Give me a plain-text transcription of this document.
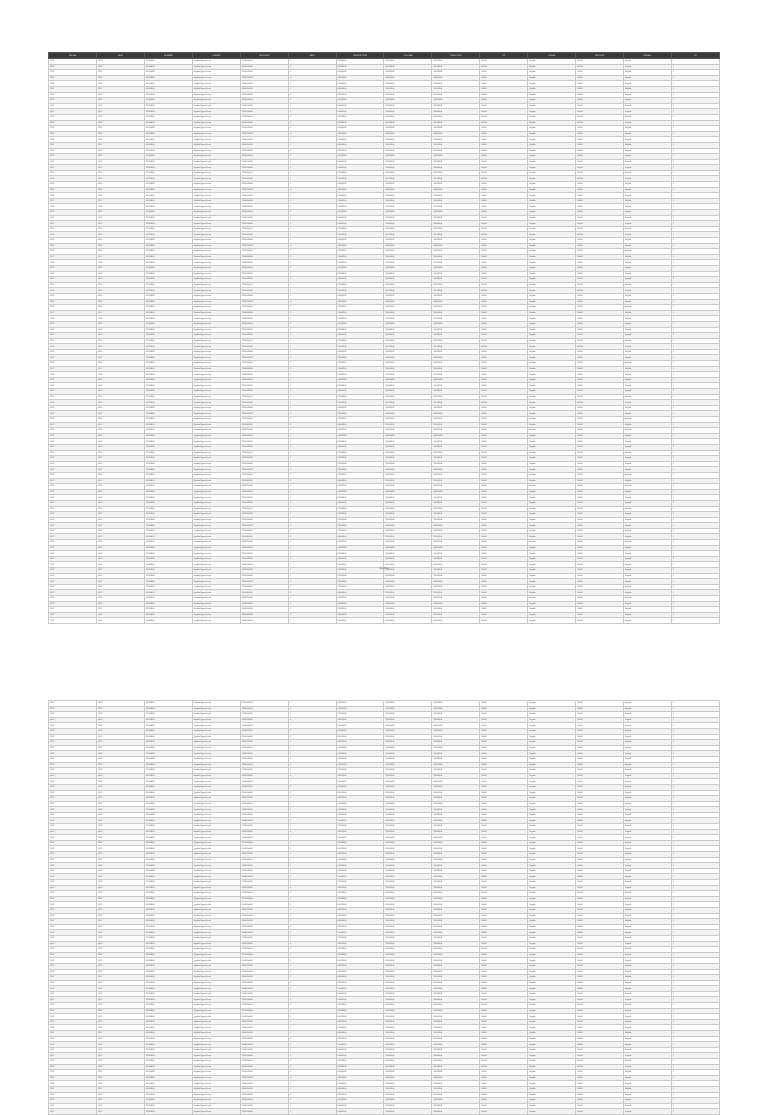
FECHA	NUM	NOMBRE	CORREO	TELEFONO	CANT	DESCRIPCION	COLONIA	DIRECCION	CP	CIUDAD	IMPORTE	ESTADO	ST
2022	1023	ILEGIBLE	ilegible@gmail.com	5500000000	1	ILEGIBLE	ILEGIBLE	ILEGIBLE	00000	Ilegible	00000	Ilegible	1
2022	1023	ILEGIBLE	ilegible@gmail.com	5500000000	1	ILEGIBLE	ILEGIBLE	ILEGIBLE	00000	Ilegible	00000	Ilegible	1
2022	1023	ILEGIBLE	ilegible@gmail.com	5500000000	1	ILEGIBLE	ILEGIBLE	ILEGIBLE	00000	Ilegible	00000	Ilegible	1
2022	1023	ILEGIBLE	ilegible@gmail.com	5500000000	1	ILEGIBLE	ILEGIBLE	ILEGIBLE	00000	Ilegible	00000	Ilegible	1
2022	1023	ILEGIBLE	ilegible@gmail.com	5500000000	1	ILEGIBLE	ILEGIBLE	ILEGIBLE	00000	Ilegible	00000	Ilegible	1
2022	1023	ILEGIBLE	ilegible@gmail.com	5500000000	1	ILEGIBLE	ILEGIBLE	ILEGIBLE	00000	Ilegible	00000	Ilegible	1
2022	1023	ILEGIBLE	ilegible@gmail.com	5500000000	1	ILEGIBLE	ILEGIBLE	ILEGIBLE	00000	Ilegible	00000	Ilegible	1
2022	1023	ILEGIBLE	ilegible@gmail.com	5500000000	1	ILEGIBLE	ILEGIBLE	ILEGIBLE	00000	Ilegible	00000	Ilegible	1
2022	1023	ILEGIBLE	ilegible@gmail.com	5500000000	1	ILEGIBLE	ILEGIBLE	ILEGIBLE	00000	Ilegible	00000	Ilegible	1
2022	1023	ILEGIBLE	ilegible@gmail.com	5500000000	1	ILEGIBLE	ILEGIBLE	ILEGIBLE	00000	Ilegible	00000	Ilegible	1
2022	1023	ILEGIBLE	ilegible@gmail.com	5500000000	1	ILEGIBLE	ILEGIBLE	ILEGIBLE	00000	Ilegible	00000	Ilegible	1
2022	1023	ILEGIBLE	ilegible@gmail.com	5500000000	1	ILEGIBLE	ILEGIBLE	ILEGIBLE	00000	Ilegible	00000	Ilegible	1
2022	1023	ILEGIBLE	ilegible@gmail.com	5500000000	1	ILEGIBLE	ILEGIBLE	ILEGIBLE	00000	Ilegible	00000	Ilegible	1
2022	1023	ILEGIBLE	ilegible@gmail.com	5500000000	1	ILEGIBLE	ILEGIBLE	ILEGIBLE	00000	Ilegible	00000	Ilegible	1
2022	1023	ILEGIBLE	ilegible@gmail.com	5500000000	1	ILEGIBLE	ILEGIBLE	ILEGIBLE	00000	Ilegible	00000	Ilegible	1
2022	1023	ILEGIBLE	ilegible@gmail.com	5500000000	1	ILEGIBLE	ILEGIBLE	ILEGIBLE	00000	Ilegible	00000	Ilegible	1
2022	1023	ILEGIBLE	ilegible@gmail.com	5500000000	1	ILEGIBLE	ILEGIBLE	ILEGIBLE	00000	Ilegible	00000	Ilegible	1
2022	1023	ILEGIBLE	ilegible@gmail.com	5500000000	1	ILEGIBLE	ILEGIBLE	ILEGIBLE	00000	Ilegible	00000	Ilegible	1
2022	1023	ILEGIBLE	ilegible@gmail.com	5500000000	1	ILEGIBLE	ILEGIBLE	ILEGIBLE	00000	Ilegible	00000	Ilegible	1
2022	1023	ILEGIBLE	ilegible@gmail.com	5500000000	1	ILEGIBLE	ILEGIBLE	ILEGIBLE	00000	Ilegible	00000	Ilegible	1
2022	1023	ILEGIBLE	ilegible@gmail.com	5500000000	1	ILEGIBLE	ILEGIBLE	ILEGIBLE	00000	Ilegible	00000	Ilegible	1
2022	1023	ILEGIBLE	ilegible@gmail.com	5500000000	1	ILEGIBLE	ILEGIBLE	ILEGIBLE	00000	Ilegible	00000	Ilegible	1
2022	1023	ILEGIBLE	ilegible@gmail.com	5500000000	1	ILEGIBLE	ILEGIBLE	ILEGIBLE	00000	Ilegible	00000	Ilegible	1
2022	1023	ILEGIBLE	ilegible@gmail.com	5500000000	1	ILEGIBLE	ILEGIBLE	ILEGIBLE	00000	Ilegible	00000	Ilegible	1
2022	1023	ILEGIBLE	ilegible@gmail.com	5500000000	1	ILEGIBLE	ILEGIBLE	ILEGIBLE	00000	Ilegible	00000	Ilegible	1
2022	1023	ILEGIBLE	ilegible@gmail.com	5500000000	1	ILEGIBLE	ILEGIBLE	ILEGIBLE	00000	Ilegible	00000	Ilegible	1
2022	1023	ILEGIBLE	ilegible@gmail.com	5500000000	1	ILEGIBLE	ILEGIBLE	ILEGIBLE	00000	Ilegible	00000	Ilegible	1
2022	1023	ILEGIBLE	ilegible@gmail.com	5500000000	1	ILEGIBLE	ILEGIBLE	ILEGIBLE	00000	Ilegible	00000	Ilegible	1
2022	1023	ILEGIBLE	ilegible@gmail.com	5500000000	1	ILEGIBLE	ILEGIBLE	ILEGIBLE	00000	Ilegible	00000	Ilegible	1
2022	1023	ILEGIBLE	ilegible@gmail.com	5500000000	1	ILEGIBLE	ILEGIBLE	ILEGIBLE	00000	Ilegible	00000	Ilegible	1
2022	1023	ILEGIBLE	ilegible@gmail.com	5500000000	1	ILEGIBLE	ILEGIBLE	ILEGIBLE	00000	Ilegible	00000	Ilegible	1
2022	1023	ILEGIBLE	ilegible@gmail.com	5500000000	1	ILEGIBLE	ILEGIBLE	ILEGIBLE	00000	Ilegible	00000	Ilegible	1
2022	1023	ILEGIBLE	ilegible@gmail.com	5500000000	1	ILEGIBLE	ILEGIBLE	ILEGIBLE	00000	Ilegible	00000	Ilegible	1
2022	1023	ILEGIBLE	ilegible@gmail.com	5500000000	1	ILEGIBLE	ILEGIBLE	ILEGIBLE	00000	Ilegible	00000	Ilegible	1
2022	1023	ILEGIBLE	ilegible@gmail.com	5500000000	1	ILEGIBLE	ILEGIBLE	ILEGIBLE	00000	Ilegible	00000	Ilegible	1
2022	1023	ILEGIBLE	ilegible@gmail.com	5500000000	1	ILEGIBLE	ILEGIBLE	ILEGIBLE	00000	Ilegible	00000	Ilegible	1
2022	1023	ILEGIBLE	ilegible@gmail.com	5500000000	1	ILEGIBLE	ILEGIBLE	ILEGIBLE	00000	Ilegible	00000	Ilegible	1
2022	1023	ILEGIBLE	ilegible@gmail.com	5500000000	1	ILEGIBLE	ILEGIBLE	ILEGIBLE	00000	Ilegible	00000	Ilegible	1
2022	1023	ILEGIBLE	ilegible@gmail.com	5500000000	1	ILEGIBLE	ILEGIBLE	ILEGIBLE	00000	Ilegible	00000	Ilegible	1
2022	1023	ILEGIBLE	ilegible@gmail.com	5500000000	1	ILEGIBLE	ILEGIBLE	ILEGIBLE	00000	Ilegible	00000	Ilegible	1
2022	1023	ILEGIBLE	ilegible@gmail.com	5500000000	1	ILEGIBLE	ILEGIBLE	ILEGIBLE	00000	Ilegible	00000	Ilegible	1
2022	1023	ILEGIBLE	ilegible@gmail.com	5500000000	1	ILEGIBLE	ILEGIBLE	ILEGIBLE	00000	Ilegible	00000	Ilegible	1
2022	1023	ILEGIBLE	ilegible@gmail.com	5500000000	1	ILEGIBLE	ILEGIBLE	ILEGIBLE	00000	Ilegible	00000	Ilegible	1
2022	1023	ILEGIBLE	ilegible@gmail.com	5500000000	1	ILEGIBLE	ILEGIBLE	ILEGIBLE	00000	Ilegible	00000	Ilegible	1
2022	1023	ILEGIBLE	ilegible@gmail.com	5500000000	1	ILEGIBLE	ILEGIBLE	ILEGIBLE	00000	Ilegible	00000	Ilegible	1
2022	1023	ILEGIBLE	ilegible@gmail.com	5500000000	1	ILEGIBLE	ILEGIBLE	ILEGIBLE	00000	Ilegible	00000	Ilegible	1
2022	1023	ILEGIBLE	ilegible@gmail.com	5500000000	1	ILEGIBLE	ILEGIBLE	ILEGIBLE	00000	Ilegible	00000	Ilegible	1
2022	1023	ILEGIBLE	ilegible@gmail.com	5500000000	1	ILEGIBLE	ILEGIBLE	ILEGIBLE	00000	Ilegible	00000	Ilegible	1
2022	1023	ILEGIBLE	ilegible@gmail.com	5500000000	1	ILEGIBLE	ILEGIBLE	ILEGIBLE	00000	Ilegible	00000	Ilegible	1
2022	1023	ILEGIBLE	ilegible@gmail.com	5500000000	1	ILEGIBLE	ILEGIBLE	ILEGIBLE	00000	Ilegible	00000	Ilegible	1
2022	1023	ILEGIBLE	ilegible@gmail.com	5500000000	1	ILEGIBLE	ILEGIBLE	ILEGIBLE	00000	Ilegible	00000	Ilegible	1
2022	1023	ILEGIBLE	ilegible@gmail.com	5500000000	1	ILEGIBLE	ILEGIBLE	ILEGIBLE	00000	Ilegible	00000	Ilegible	1
2022	1023	ILEGIBLE	ilegible@gmail.com	5500000000	1	ILEGIBLE	ILEGIBLE	ILEGIBLE	00000	Ilegible	00000	Ilegible	1
2022	1023	ILEGIBLE	ilegible@gmail.com	5500000000	1	ILEGIBLE	ILEGIBLE	ILEGIBLE	00000	Ilegible	00000	Ilegible	1
2022	1023	ILEGIBLE	ilegible@gmail.com	5500000000	1	ILEGIBLE	ILEGIBLE	ILEGIBLE	00000	Ilegible	00000	Ilegible	1
2022	1023	ILEGIBLE	ilegible@gmail.com	5500000000	1	ILEGIBLE	ILEGIBLE	ILEGIBLE	00000	Ilegible	00000	Ilegible	1
2022	1023	ILEGIBLE	ilegible@gmail.com	5500000000	1	ILEGIBLE	ILEGIBLE	ILEGIBLE	00000	Ilegible	00000	Ilegible	1
2022	1023	ILEGIBLE	ilegible@gmail.com	5500000000	1	ILEGIBLE	ILEGIBLE	ILEGIBLE	00000	Ilegible	00000	Ilegible	1
2022	1023	ILEGIBLE	ilegible@gmail.com	5500000000	1	ILEGIBLE	ILEGIBLE	ILEGIBLE	00000	Ilegible	00000	Ilegible	1
2022	1023	ILEGIBLE	ilegible@gmail.com	5500000000	1	ILEGIBLE	ILEGIBLE	ILEGIBLE	00000	Ilegible	00000	Ilegible	1
2022	1023	ILEGIBLE	ilegible@gmail.com	5500000000	1	ILEGIBLE	ILEGIBLE	ILEGIBLE	00000	Ilegible	00000	Ilegible	1
2022	1023	ILEGIBLE	ilegible@gmail.com	5500000000	1	ILEGIBLE	ILEGIBLE	ILEGIBLE	00000	Ilegible	00000	Ilegible	1
2022	1023	ILEGIBLE	ilegible@gmail.com	5500000000	1	ILEGIBLE	ILEGIBLE	ILEGIBLE	00000	Ilegible	00000	Ilegible	1
2022	1023	ILEGIBLE	ilegible@gmail.com	5500000000	1	ILEGIBLE	ILEGIBLE	ILEGIBLE	00000	Ilegible	00000	Ilegible	1
2022	1023	ILEGIBLE	ilegible@gmail.com	5500000000	1	ILEGIBLE	ILEGIBLE	ILEGIBLE	00000	Ilegible	00000	Ilegible	1
2022	1023	ILEGIBLE	ilegible@gmail.com	5500000000	1	ILEGIBLE	ILEGIBLE	ILEGIBLE	00000	Ilegible	00000	Ilegible	1
2022	1023	ILEGIBLE	ilegible@gmail.com	5500000000	1	ILEGIBLE	ILEGIBLE	ILEGIBLE	00000	Ilegible	00000	Ilegible	1
2022	1023	ILEGIBLE	ilegible@gmail.com	5500000000	1	ILEGIBLE	ILEGIBLE	ILEGIBLE	00000	Ilegible	00000	Ilegible	1
2022	1023	ILEGIBLE	ilegible@gmail.com	5500000000	1	ILEGIBLE	ILEGIBLE	ILEGIBLE	00000	Ilegible	00000	Ilegible	1
2022	1023	ILEGIBLE	ilegible@gmail.com	5500000000	1	ILEGIBLE	ILEGIBLE	ILEGIBLE	00000	Ilegible	00000	Ilegible	1
2022	1023	ILEGIBLE	ilegible@gmail.com	5500000000	1	ILEGIBLE	ILEGIBLE	ILEGIBLE	00000	Ilegible	00000	Ilegible	1
2022	1023	ILEGIBLE	ilegible@gmail.com	5500000000	1	ILEGIBLE	ILEGIBLE	ILEGIBLE	00000	Ilegible	00000	Ilegible	1
2022	1023	ILEGIBLE	ilegible@gmail.com	5500000000	1	ILEGIBLE	ILEGIBLE	ILEGIBLE	00000	Ilegible	00000	Ilegible	1
2022	1023	ILEGIBLE	ilegible@gmail.com	5500000000	1	ILEGIBLE	ILEGIBLE	ILEGIBLE	00000	Ilegible	00000	Ilegible	1
2022	1023	ILEGIBLE	ilegible@gmail.com	5500000000	1	ILEGIBLE	ILEGIBLE	ILEGIBLE	00000	Ilegible	00000	Ilegible	1
2022	1023	ILEGIBLE	ilegible@gmail.com	5500000000	1	ILEGIBLE	ILEGIBLE	ILEGIBLE	00000	Ilegible	00000	Ilegible	1
2022	1023	ILEGIBLE	ilegible@gmail.com	5500000000	1	ILEGIBLE	ILEGIBLE	ILEGIBLE	00000	Ilegible	00000	Ilegible	1
2022	1023	ILEGIBLE	ilegible@gmail.com	5500000000	1	ILEGIBLE	ILEGIBLE	ILEGIBLE	00000	Ilegible	00000	Ilegible	1
2022	1023	ILEGIBLE	ilegible@gmail.com	5500000000	1	ILEGIBLE	ILEGIBLE	ILEGIBLE	00000	Ilegible	00000	Ilegible	1
2022	1023	ILEGIBLE	ilegible@gmail.com	5500000000	1	ILEGIBLE	ILEGIBLE	ILEGIBLE	00000	Ilegible	00000	Ilegible	1
2022	1023	ILEGIBLE	ilegible@gmail.com	5500000000	1	ILEGIBLE	ILEGIBLE	ILEGIBLE	00000	Ilegible	00000	Ilegible	1
2022	1023	ILEGIBLE	ilegible@gmail.com	5500000000	1	ILEGIBLE	ILEGIBLE	ILEGIBLE	00000	Ilegible	00000	Ilegible	1
2022	1023	ILEGIBLE	ilegible@gmail.com	5500000000	1	ILEGIBLE	ILEGIBLE	ILEGIBLE	00000	Ilegible	00000	Ilegible	1
2022	1023	ILEGIBLE	ilegible@gmail.com	5500000000	1	ILEGIBLE	ILEGIBLE	ILEGIBLE	00000	Ilegible	00000	Ilegible	1
2022	1023	ILEGIBLE	ilegible@gmail.com	5500000000	1	ILEGIBLE	ILEGIBLE	ILEGIBLE	00000	Ilegible	00000	Ilegible	1
2022	1023	ILEGIBLE	ilegible@gmail.com	5500000000	1	ILEGIBLE	ILEGIBLE	ILEGIBLE	00000	Ilegible	00000	Ilegible	1
2022	1023	ILEGIBLE	ilegible@gmail.com	5500000000	1	ILEGIBLE	ILEGIBLE	ILEGIBLE	00000	Ilegible	00000	Ilegible	1
2022	1023	ILEGIBLE	ilegible@gmail.com	5500000000	1	ILEGIBLE	ILEGIBLE	ILEGIBLE	00000	Ilegible	00000	Ilegible	1
2022	1023	ILEGIBLE	ilegible@gmail.com	5500000000	1	ILEGIBLE	ILEGIBLE	ILEGIBLE	00000	Ilegible	00000	Ilegible	1
2022	1023	ILEGIBLE	ilegible@gmail.com	5500000000	1	ILEGIBLE	ILEGIBLE	ILEGIBLE	00000	Ilegible	00000	Ilegible	1
2022	1023	ILEGIBLE	ilegible@gmail.com	5500000000	1	ILEGIBLE	ILEGIBLE	ILEGIBLE	00000	Ilegible	00000	Ilegible	1
2022	1023	ILEGIBLE	ilegible@gmail.com	5500000000	1	ILEGIBLE	ILEGIBLE	ILEGIBLE	00000	Ilegible	00000	Ilegible	1
2022	1023	ILEGIBLE	ilegible@gmail.com	5500000000	1	ILEGIBLE	ILEGIBLE	ILEGIBLE	00000	Ilegible	00000	Ilegible	1
2022	1023	ILEGIBLE	ilegible@gmail.com	5500000000	1	ILEGIBLE	ILEGIBLE	ILEGIBLE	00000	Ilegible	00000	Ilegible	1
2022	1023	ILEGIBLE	ilegible@gmail.com	5500000000	1	ILEGIBLE	ILEGIBLE	ILEGIBLE	00000	Ilegible	00000	Ilegible	1
2022	1023	ILEGIBLE	ilegible@gmail.com	5500000000	1	ILEGIBLE	ILEGIBLE	ILEGIBLE	00000	Ilegible	00000	Ilegible	1
2022	1023	ILEGIBLE	ilegible@gmail.com	5500000000	1	ILEGIBLE	ILEGIBLE	ILEGIBLE	00000	Ilegible	00000	Ilegible	1
2022	1023	ILEGIBLE	ilegible@gmail.com	5500000000	1	ILEGIBLE	ILEGIBLE	ILEGIBLE	00000	Ilegible	00000	Ilegible	1
2022	1023	ILEGIBLE	ilegible@gmail.com	5500000000	1	ILEGIBLE	ILEGIBLE	ILEGIBLE	00000	Ilegible	00000	Ilegible	1
2022	1023	ILEGIBLE	ilegible@gmail.com	5500000000	1	ILEGIBLE	ILEGIBLE	ILEGIBLE	00000	Ilegible	00000	Ilegible	1
2022	1023	ILEGIBLE	ilegible@gmail.com	5500000000	1	ILEGIBLE	ILEGIBLE	ILEGIBLE	00000	Ilegible	00000	Ilegible	1
ilegible
2022	1023	ILEGIBLE	ilegible@gmail.com	5500000000	1	ILEGIBLE	ILEGIBLE	ILEGIBLE	00000	Ilegible	00000	Ilegible	1
2022	1023	ILEGIBLE	ilegible@gmail.com	5500000000	1	ILEGIBLE	ILEGIBLE	ILEGIBLE	00000	Ilegible	00000	Ilegible	1
2022	1023	ILEGIBLE	ilegible@gmail.com	5500000000	1	ILEGIBLE	ILEGIBLE	ILEGIBLE	00000	Ilegible	00000	Ilegible	1
2022	1023	ILEGIBLE	ilegible@gmail.com	5500000000	1	ILEGIBLE	ILEGIBLE	ILEGIBLE	00000	Ilegible	00000	Ilegible	1
2022	1023	ILEGIBLE	ilegible@gmail.com	5500000000	1	ILEGIBLE	ILEGIBLE	ILEGIBLE	00000	Ilegible	00000	Ilegible	1
2022	1023	ILEGIBLE	ilegible@gmail.com	5500000000	1	ILEGIBLE	ILEGIBLE	ILEGIBLE	00000	Ilegible	00000	Ilegible	1
2022	1023	ILEGIBLE	ilegible@gmail.com	5500000000	1	ILEGIBLE	ILEGIBLE	ILEGIBLE	00000	Ilegible	00000	Ilegible	1
2022	1023	ILEGIBLE	ilegible@gmail.com	5500000000	1	ILEGIBLE	ILEGIBLE	ILEGIBLE	00000	Ilegible	00000	Ilegible	1
2022	1023	ILEGIBLE	ilegible@gmail.com	5500000000	1	ILEGIBLE	ILEGIBLE	ILEGIBLE	00000	Ilegible	00000	Ilegible	1
2022	1023	ILEGIBLE	ilegible@gmail.com	5500000000	1	ILEGIBLE	ILEGIBLE	ILEGIBLE	00000	Ilegible	00000	Ilegible	1
2022	1023	ILEGIBLE	ilegible@gmail.com	5500000000	1	ILEGIBLE	ILEGIBLE	ILEGIBLE	00000	Ilegible	00000	Ilegible	1
2022	1023	ILEGIBLE	ilegible@gmail.com	5500000000	1	ILEGIBLE	ILEGIBLE	ILEGIBLE	00000	Ilegible	00000	Ilegible	1
2022	1023	ILEGIBLE	ilegible@gmail.com	5500000000	1	ILEGIBLE	ILEGIBLE	ILEGIBLE	00000	Ilegible	00000	Ilegible	1
2022	1023	ILEGIBLE	ilegible@gmail.com	5500000000	1	ILEGIBLE	ILEGIBLE	ILEGIBLE	00000	Ilegible	00000	Ilegible	1
2022	1023	ILEGIBLE	ilegible@gmail.com	5500000000	1	ILEGIBLE	ILEGIBLE	ILEGIBLE	00000	Ilegible	00000	Ilegible	1
2022	1023	ILEGIBLE	ilegible@gmail.com	5500000000	1	ILEGIBLE	ILEGIBLE	ILEGIBLE	00000	Ilegible	00000	Ilegible	1
2022	1023	ILEGIBLE	ilegible@gmail.com	5500000000	1	ILEGIBLE	ILEGIBLE	ILEGIBLE	00000	Ilegible	00000	Ilegible	1
2022	1023	ILEGIBLE	ilegible@gmail.com	5500000000	1	ILEGIBLE	ILEGIBLE	ILEGIBLE	00000	Ilegible	00000	Ilegible	1
2022	1023	ILEGIBLE	ilegible@gmail.com	5500000000	1	ILEGIBLE	ILEGIBLE	ILEGIBLE	00000	Ilegible	00000	Ilegible	1
2022	1023	ILEGIBLE	ilegible@gmail.com	5500000000	1	ILEGIBLE	ILEGIBLE	ILEGIBLE	00000	Ilegible	00000	Ilegible	1
2022	1023	ILEGIBLE	ilegible@gmail.com	5500000000	1	ILEGIBLE	ILEGIBLE	ILEGIBLE	00000	Ilegible	00000	Ilegible	1
2022	1023	ILEGIBLE	ilegible@gmail.com	5500000000	1	ILEGIBLE	ILEGIBLE	ILEGIBLE	00000	Ilegible	00000	Ilegible	1
2022	1023	ILEGIBLE	ilegible@gmail.com	5500000000	1	ILEGIBLE	ILEGIBLE	ILEGIBLE	00000	Ilegible	00000	Ilegible	1
2022	1023	ILEGIBLE	ilegible@gmail.com	5500000000	1	ILEGIBLE	ILEGIBLE	ILEGIBLE	00000	Ilegible	00000	Ilegible	1
2022	1023	ILEGIBLE	ilegible@gmail.com	5500000000	1	ILEGIBLE	ILEGIBLE	ILEGIBLE	00000	Ilegible	00000	Ilegible	1
2022	1023	ILEGIBLE	ilegible@gmail.com	5500000000	1	ILEGIBLE	ILEGIBLE	ILEGIBLE	00000	Ilegible	00000	Ilegible	1
2022	1023	ILEGIBLE	ilegible@gmail.com	5500000000	1	ILEGIBLE	ILEGIBLE	ILEGIBLE	00000	Ilegible	00000	Ilegible	1
2022	1023	ILEGIBLE	ilegible@gmail.com	5500000000	1	ILEGIBLE	ILEGIBLE	ILEGIBLE	00000	Ilegible	00000	Ilegible	1
2022	1023	ILEGIBLE	ilegible@gmail.com	5500000000	1	ILEGIBLE	ILEGIBLE	ILEGIBLE	00000	Ilegible	00000	Ilegible	1
2022	1023	ILEGIBLE	ilegible@gmail.com	5500000000	1	ILEGIBLE	ILEGIBLE	ILEGIBLE	00000	Ilegible	00000	Ilegible	1
2022	1023	ILEGIBLE	ilegible@gmail.com	5500000000	1	ILEGIBLE	ILEGIBLE	ILEGIBLE	00000	Ilegible	00000	Ilegible	1
2022	1023	ILEGIBLE	ilegible@gmail.com	5500000000	1	ILEGIBLE	ILEGIBLE	ILEGIBLE	00000	Ilegible	00000	Ilegible	1
2022	1023	ILEGIBLE	ilegible@gmail.com	5500000000	1	ILEGIBLE	ILEGIBLE	ILEGIBLE	00000	Ilegible	00000	Ilegible	1
2022	1023	ILEGIBLE	ilegible@gmail.com	5500000000	1	ILEGIBLE	ILEGIBLE	ILEGIBLE	00000	Ilegible	00000	Ilegible	1
2022	1023	ILEGIBLE	ilegible@gmail.com	5500000000	1	ILEGIBLE	ILEGIBLE	ILEGIBLE	00000	Ilegible	00000	Ilegible	1
2022	1023	ILEGIBLE	ilegible@gmail.com	5500000000	1	ILEGIBLE	ILEGIBLE	ILEGIBLE	00000	Ilegible	00000	Ilegible	1
2022	1023	ILEGIBLE	ilegible@gmail.com	5500000000	1	ILEGIBLE	ILEGIBLE	ILEGIBLE	00000	Ilegible	00000	Ilegible	1
2022	1023	ILEGIBLE	ilegible@gmail.com	5500000000	1	ILEGIBLE	ILEGIBLE	ILEGIBLE	00000	Ilegible	00000	Ilegible	1
2022	1023	ILEGIBLE	ilegible@gmail.com	5500000000	1	ILEGIBLE	ILEGIBLE	ILEGIBLE	00000	Ilegible	00000	Ilegible	1
2022	1023	ILEGIBLE	ilegible@gmail.com	5500000000	1	ILEGIBLE	ILEGIBLE	ILEGIBLE	00000	Ilegible	00000	Ilegible	1
2022	1023	ILEGIBLE	ilegible@gmail.com	5500000000	1	ILEGIBLE	ILEGIBLE	ILEGIBLE	00000	Ilegible	00000	Ilegible	1
2022	1023	ILEGIBLE	ilegible@gmail.com	5500000000	1	ILEGIBLE	ILEGIBLE	ILEGIBLE	00000	Ilegible	00000	Ilegible	1
2022	1023	ILEGIBLE	ilegible@gmail.com	5500000000	1	ILEGIBLE	ILEGIBLE	ILEGIBLE	00000	Ilegible	00000	Ilegible	1
2022	1023	ILEGIBLE	ilegible@gmail.com	5500000000	1	ILEGIBLE	ILEGIBLE	ILEGIBLE	00000	Ilegible	00000	Ilegible	1
2022	1023	ILEGIBLE	ilegible@gmail.com	5500000000	1	ILEGIBLE	ILEGIBLE	ILEGIBLE	00000	Ilegible	00000	Ilegible	1
2022	1023	ILEGIBLE	ilegible@gmail.com	5500000000	1	ILEGIBLE	ILEGIBLE	ILEGIBLE	00000	Ilegible	00000	Ilegible	1
2022	1023	ILEGIBLE	ilegible@gmail.com	5500000000	1	ILEGIBLE	ILEGIBLE	ILEGIBLE	00000	Ilegible	00000	Ilegible	1
2022	1023	ILEGIBLE	ilegible@gmail.com	5500000000	1	ILEGIBLE	ILEGIBLE	ILEGIBLE	00000	Ilegible	00000	Ilegible	1
2022	1023	ILEGIBLE	ilegible@gmail.com	5500000000	1	ILEGIBLE	ILEGIBLE	ILEGIBLE	00000	Ilegible	00000	Ilegible	1
2022	1023	ILEGIBLE	ilegible@gmail.com	5500000000	1	ILEGIBLE	ILEGIBLE	ILEGIBLE	00000	Ilegible	00000	Ilegible	1
2022	1023	ILEGIBLE	ilegible@gmail.com	5500000000	1	ILEGIBLE	ILEGIBLE	ILEGIBLE	00000	Ilegible	00000	Ilegible	1
2022	1023	ILEGIBLE	ilegible@gmail.com	5500000000	1	ILEGIBLE	ILEGIBLE	ILEGIBLE	00000	Ilegible	00000	Ilegible	1
2022	1023	ILEGIBLE	ilegible@gmail.com	5500000000	1	ILEGIBLE	ILEGIBLE	ILEGIBLE	00000	Ilegible	00000	Ilegible	1
2022	1023	ILEGIBLE	ilegible@gmail.com	5500000000	1	ILEGIBLE	ILEGIBLE	ILEGIBLE	00000	Ilegible	00000	Ilegible	1
2022	1023	ILEGIBLE	ilegible@gmail.com	5500000000	1	ILEGIBLE	ILEGIBLE	ILEGIBLE	00000	Ilegible	00000	Ilegible	1
2022	1023	ILEGIBLE	ilegible@gmail.com	5500000000	1	ILEGIBLE	ILEGIBLE	ILEGIBLE	00000	Ilegible	00000	Ilegible	1
2022	1023	ILEGIBLE	ilegible@gmail.com	5500000000	1	ILEGIBLE	ILEGIBLE	ILEGIBLE	00000	Ilegible	00000	Ilegible	1
2022	1023	ILEGIBLE	ilegible@gmail.com	5500000000	1	ILEGIBLE	ILEGIBLE	ILEGIBLE	00000	Ilegible	00000	Ilegible	1
2022	1023	ILEGIBLE	ilegible@gmail.com	5500000000	1	ILEGIBLE	ILEGIBLE	ILEGIBLE	00000	Ilegible	00000	Ilegible	1
2022	1023	ILEGIBLE	ilegible@gmail.com	5500000000	1	ILEGIBLE	ILEGIBLE	ILEGIBLE	00000	Ilegible	00000	Ilegible	1
2022	1023	ILEGIBLE	ilegible@gmail.com	5500000000	1	ILEGIBLE	ILEGIBLE	ILEGIBLE	00000	Ilegible	00000	Ilegible	1
2022	1023	ILEGIBLE	ilegible@gmail.com	5500000000	1	ILEGIBLE	ILEGIBLE	ILEGIBLE	00000	Ilegible	00000	Ilegible	1
2022	1023	ILEGIBLE	ilegible@gmail.com	5500000000	1	ILEGIBLE	ILEGIBLE	ILEGIBLE	00000	Ilegible	00000	Ilegible	1
2022	1023	ILEGIBLE	ilegible@gmail.com	5500000000	1	ILEGIBLE	ILEGIBLE	ILEGIBLE	00000	Ilegible	00000	Ilegible	1
2022	1023	ILEGIBLE	ilegible@gmail.com	5500000000	1	ILEGIBLE	ILEGIBLE	ILEGIBLE	00000	Ilegible	00000	Ilegible	1
2022	1023	ILEGIBLE	ilegible@gmail.com	5500000000	1	ILEGIBLE	ILEGIBLE	ILEGIBLE	00000	Ilegible	00000	Ilegible	1
2022	1023	ILEGIBLE	ilegible@gmail.com	5500000000	1	ILEGIBLE	ILEGIBLE	ILEGIBLE	00000	Ilegible	00000	Ilegible	1
2022	1023	ILEGIBLE	ilegible@gmail.com	5500000000	1	ILEGIBLE	ILEGIBLE	ILEGIBLE	00000	Ilegible	00000	Ilegible	1
2022	1023	ILEGIBLE	ilegible@gmail.com	5500000000	1	ILEGIBLE	ILEGIBLE	ILEGIBLE	00000	Ilegible	00000	Ilegible	1
2022	1023	ILEGIBLE	ilegible@gmail.com	5500000000	1	ILEGIBLE	ILEGIBLE	ILEGIBLE	00000	Ilegible	00000	Ilegible	1
2022	1023	ILEGIBLE	ilegible@gmail.com	5500000000	1	ILEGIBLE	ILEGIBLE	ILEGIBLE	00000	Ilegible	00000	Ilegible	1
2022	1023	ILEGIBLE	ilegible@gmail.com	5500000000	1	ILEGIBLE	ILEGIBLE	ILEGIBLE	00000	Ilegible	00000	Ilegible	1
2022	1023	ILEGIBLE	ilegible@gmail.com	5500000000	1	ILEGIBLE	ILEGIBLE	ILEGIBLE	00000	Ilegible	00000	Ilegible	1
2022	1023	ILEGIBLE	ilegible@gmail.com	5500000000	1	ILEGIBLE	ILEGIBLE	ILEGIBLE	00000	Ilegible	00000	Ilegible	1
